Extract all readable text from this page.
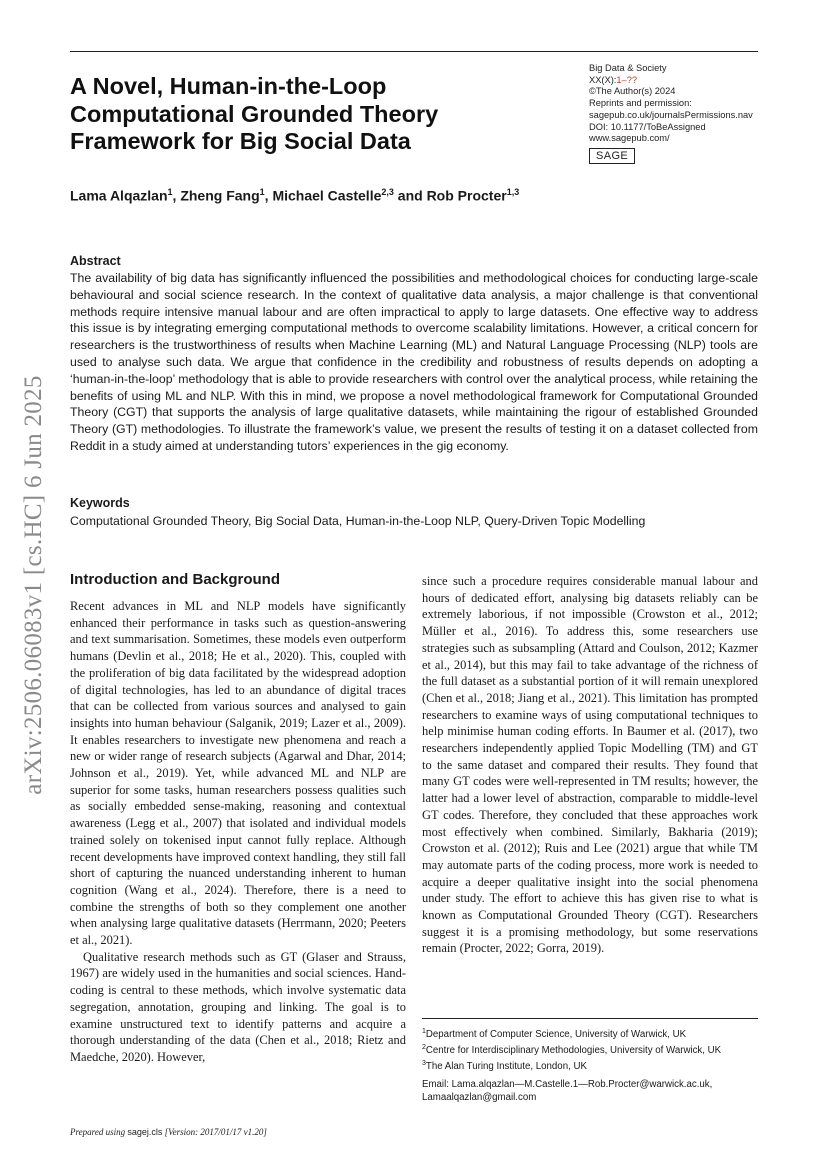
arXiv:2506.06083v1 [cs.HC] 6 Jun 2025
A Novel, Human-in-the-Loop Computational Grounded Theory Framework for Big Social Data
Big Data & Society
XX(X):1–??
©The Author(s) 2024
Reprints and permission:
sagepub.co.uk/journalsPermissions.nav
DOI: 10.1177/ToBeAssigned
www.sagepub.com/
SAGE
Lama Alqazlan$^1$, Zheng Fang$^1$, Michael Castelle$^{2,3}$ and Rob Procter$^{1,3}$
Abstract
The availability of big data has significantly influenced the possibilities and methodological choices for conducting large-scale behavioural and social science research. In the context of qualitative data analysis, a major challenge is that conventional methods require intensive manual labour and are often impractical to apply to large datasets. One effective way to address this issue is by integrating emerging computational methods to overcome scalability limitations. However, a critical concern for researchers is the trustworthiness of results when Machine Learning (ML) and Natural Language Processing (NLP) tools are used to analyse such data. We argue that confidence in the credibility and robustness of results depends on adopting a ‘human-in-the-loop’ methodology that is able to provide researchers with control over the analytical process, while retaining the benefits of using ML and NLP. With this in mind, we propose a novel methodological framework for Computational Grounded Theory (CGT) that supports the analysis of large qualitative datasets, while maintaining the rigour of established Grounded Theory (GT) methodologies. To illustrate the framework’s value, we present the results of testing it on a dataset collected from Reddit in a study aimed at understanding tutors’ experiences in the gig economy.
Keywords
Computational Grounded Theory, Big Social Data, Human-in-the-Loop NLP, Query-Driven Topic Modelling
Introduction and Background

Recent advances in ML and NLP models have significantly enhanced their performance in tasks such as question-answering and text summarisation. Sometimes, these models even outperform humans (Devlin et al., 2018; He et al., 2020). This, coupled with the proliferation of big data facilitated by the widespread adoption of digital technologies, has led to an abundance of digital traces that can be collected from various sources and analysed to gain insights into human behaviour (Salganik, 2019; Lazer et al., 2009). It enables researchers to investigate new phenomena and reach a new or wider range of research subjects (Agarwal and Dhar, 2014; Johnson et al., 2019). Yet, while advanced ML and NLP are superior for some tasks, human researchers possess qualities such as socially embedded sense-making, reasoning and contextual awareness (Legg et al., 2007) that isolated and individual models trained solely on tokenised input cannot fully replace. Although recent developments have improved context handling, they still fall short of capturing the nuanced understanding inherent to human cognition (Wang et al., 2024). Therefore, there is a need to combine the strengths of both so they complement one another when analysing large qualitative datasets (Herrmann, 2020; Peeters et al., 2021).

Qualitative research methods such as GT (Glaser and Strauss, 1967) are widely used in the humanities and social sciences. Hand-coding is central to these methods, which involve systematic data segregation, annotation, grouping and linking. The goal is to examine unstructured text to identify patterns and acquire a thorough understanding of the data (Chen et al., 2018; Rietz and Maedche, 2020). However,

since such a procedure requires considerable manual labour and hours of dedicated effort, analysing big datasets reliably can be extremely laborious, if not impossible (Crowston et al., 2012; Müller et al., 2016). To address this, some researchers use strategies such as subsampling (Attard and Coulson, 2012; Kazmer et al., 2014), but this may fail to take advantage of the richness of the full dataset as a substantial portion of it will remain unexplored (Chen et al., 2018; Jiang et al., 2021). This limitation has prompted researchers to examine ways of using computational techniques to help minimise human coding efforts. In Baumer et al. (2017), two researchers independently applied Topic Modelling (TM) and GT to the same dataset and compared their results. They found that many GT codes were well-represented in TM results; however, the latter had a lower level of abstraction, comparable to middle-level GT codes. Therefore, they concluded that these approaches work most effectively when combined. Similarly, Bakharia (2019); Crowston et al. (2012); Ruis and Lee (2021) argue that while TM may automate parts of the coding process, more work is needed to acquire a deeper qualitative insight into the social phenomena under study. The effort to achieve this has given rise to what is known as Computational Grounded Theory (CGT). Researchers suggest it is a promising methodology, but some reservations remain (Procter, 2022; Gorra, 2019).

$^1$Department of Computer Science, University of Warwick, UK
$^2$Centre for Interdisciplinary Methodologies, University of Warwick, UK
$^3$The Alan Turing Institute, London, UK
Email: Lama.alqazlan—M.Castelle.1—Rob.Procter@warwick.ac.uk,
Lamaalqazlan@gmail.com
Prepared using sagej.cls [Version: 2017/01/17 v1.20]
